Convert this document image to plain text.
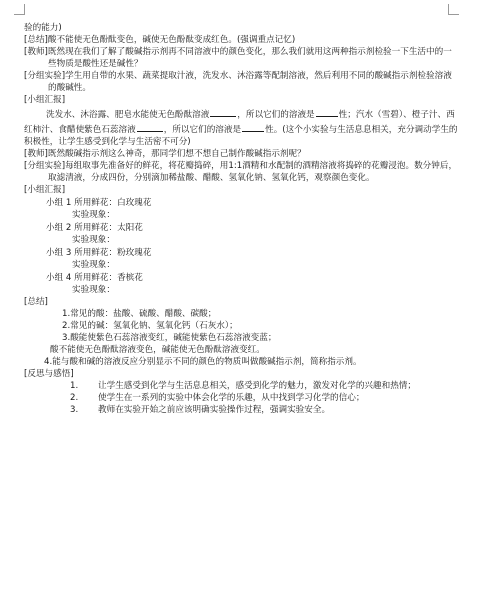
验的能力)

[总结]酸不能使无色酚酞变色，碱使无色酚酞变成红色。(强调重点记忆)

[教师]既然现在我们了解了酸碱指示剂再不同溶液中的颜色变化，那么我们就用这两种指示剂检验一下生活中的一些物质是酸性还是碱性？

[分组实验]学生用自带的水果、蔬菜提取汁液，洗发水、沐浴露等配制溶液，然后利用不同的酸碱指示剂检验溶液的酸碱性。

[小组汇报]

洗发水、沐浴露、肥皂水能使无色酚酞溶液	，所以它们的溶液是	性；汽水（雪碧）、橙子汁、西红柿汁、食醋使紫色石蕊溶液	，所以它们的溶液是	性。(这个小实验与生活息息相关，充分调动学生的积极性，让学生感受到化学与生活密不可分)

[教师]既然酸碱指示剂这么神奇，那同学们想不想自己制作酸碱指示剂呢？

[分组实验]每组取事先准备好的鲜花，将花瓣捣碎，用1:1酒精和水配制的酒精溶液将捣碎的花瓣浸泡。数分钟后，取滤清液，分成四份，分别滴加稀盐酸、醋酸、氢氧化钠、氢氧化钙，观察颜色变化。

[小组汇报]

小组 1 所用鲜花：白玫瑰花

实验现象：

小组 2 所用鲜花：太阳花

实验现象：

小组 3 所用鲜花：粉玫瑰花

实验现象：

小组 4 所用鲜花：香槟花

实验现象：

[总结]

1.常见的酸：盐酸、硫酸、醋酸、碳酸；

2.常见的碱：氢氧化钠、氢氧化钙（石灰水）；

3.酸能使紫色石蕊溶液变红，碱能使紫色石蕊溶液变蓝；

酸不能使无色酚酞溶液变色，碱能使无色酚酞溶液变红。

4.能与酸和碱的溶液反应分别显示不同的颜色的物质叫做酸碱指示剂，简称指示剂。

[反思与感悟]

1. 让学生感受到化学与生活息息相关，感受到化学的魅力，激发对化学的兴趣和热情；

2. 使学生在一系列的实验中体会化学的乐趣，从中找到学习化学的信心；

3. 教师在实验开始之前应该明确实验操作过程，强调实验安全。
